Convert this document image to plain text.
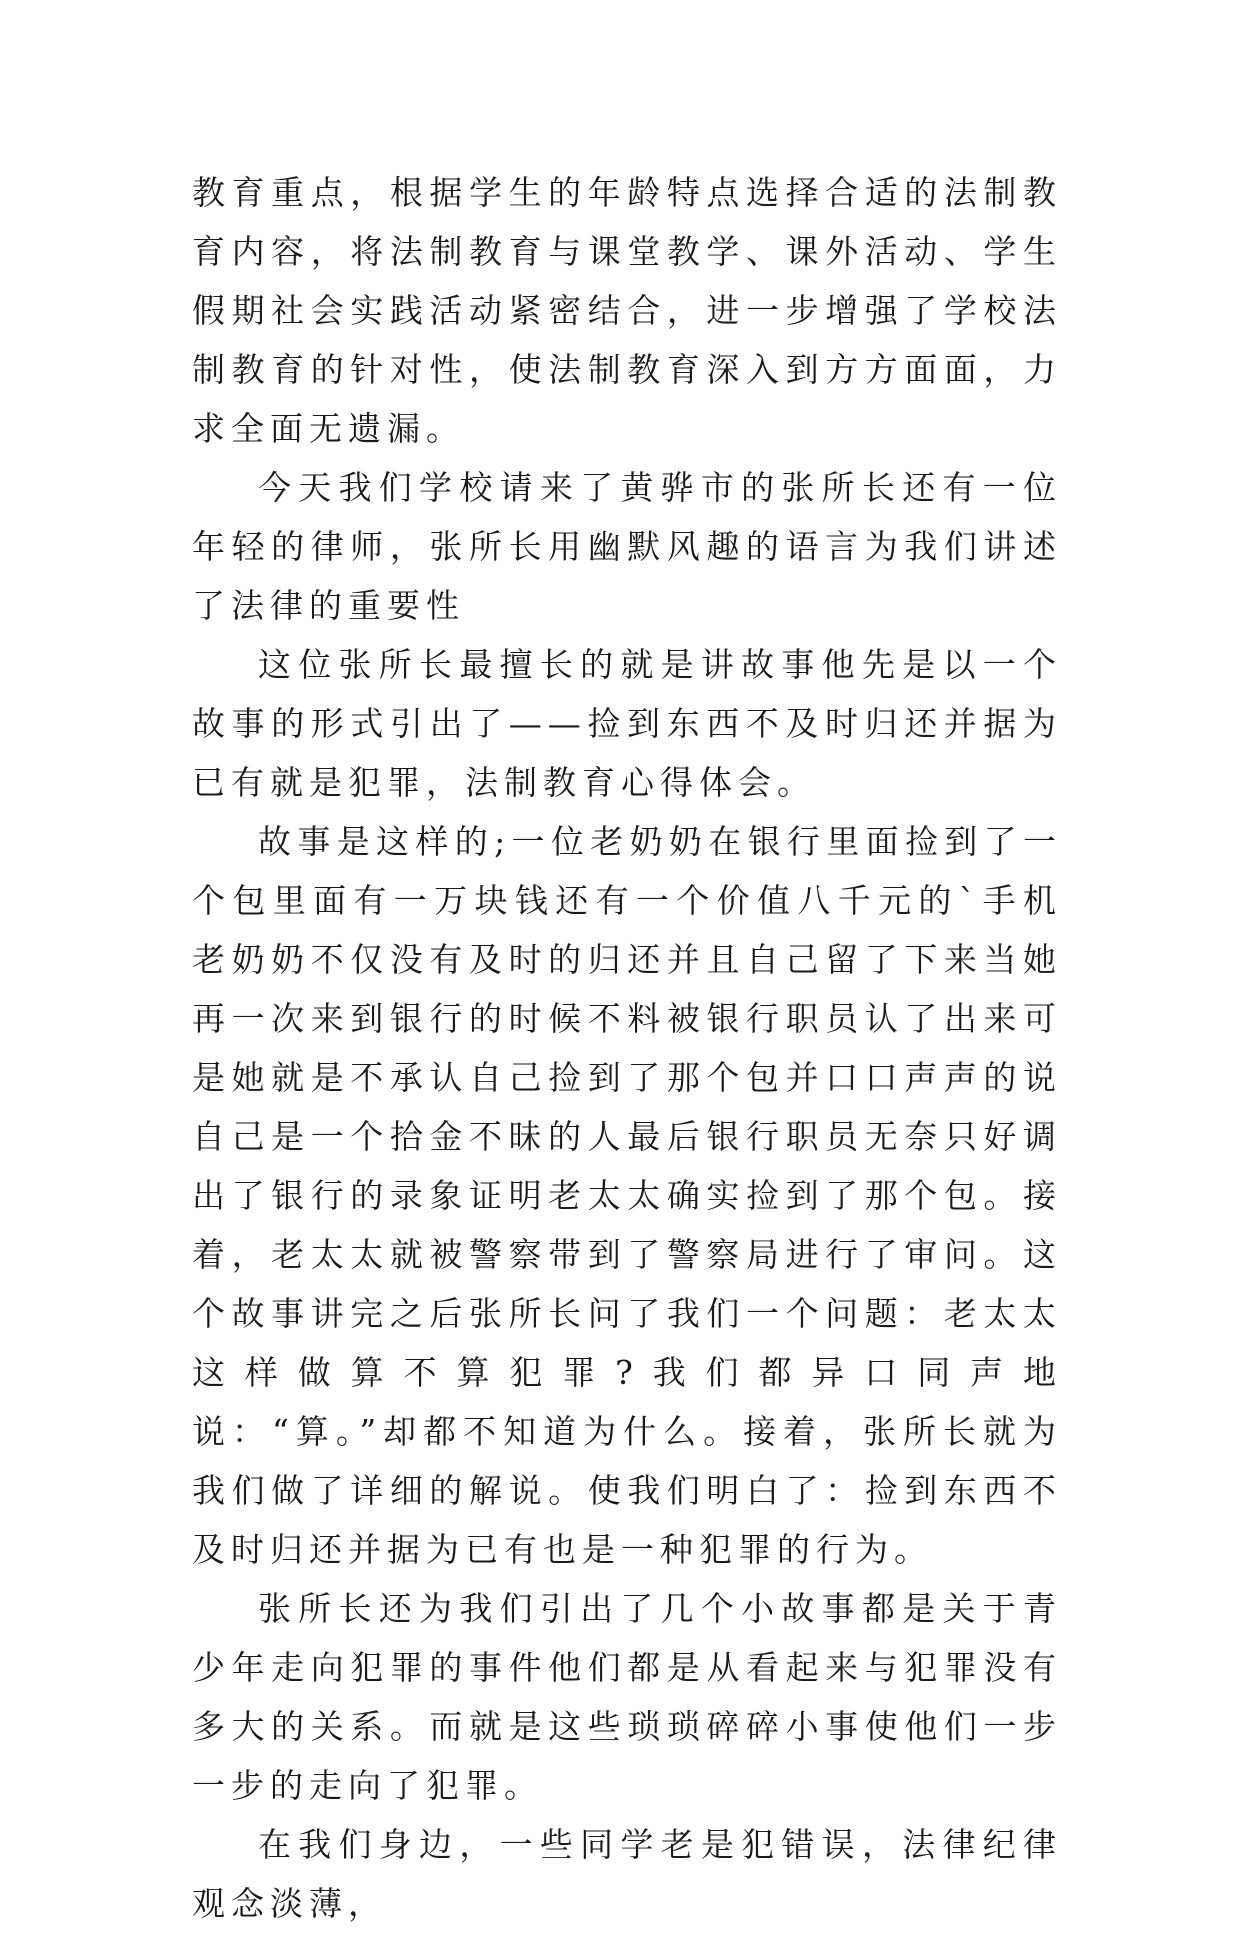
教育重点，根据学生的年龄特点选择合适的法制教育内容，将法制教育与课堂教学、课外活动、学生假期社会实践活动紧密结合，进一步增强了学校法制教育的针对性，使法制教育深入到方方面面，力求全面无遗漏。

今天我们学校请来了黄骅市的张所长还有一位年轻的律师，张所长用幽默风趣的语言为我们讲述了法律的重要性

这位张所长最擅长的就是讲故事他先是以一个故事的形式引出了——捡到东西不及时归还并据为已有就是犯罪，法制教育心得体会。

故事是这样的;一位老奶奶在银行里面捡到了一个包里面有一万块钱还有一个价值八千元的`手机老奶奶不仅没有及时的归还并且自己留了下来当她再一次来到银行的时候不料被银行职员认了出来可是她就是不承认自己捡到了那个包并口口声声的说自己是一个拾金不昧的人最后银行职员无奈只好调出了银行的录象证明老太太确实捡到了那个包。接着，老太太就被警察带到了警察局进行了审问。这个故事讲完之后张所长问了我们一个问题：老太太这样做算不算犯罪?我们都异口同声地说：“算。”却都不知道为什么。接着，张所长就为我们做了详细的解说。使我们明白了：捡到东西不及时归还并据为已有也是一种犯罪的行为。

张所长还为我们引出了几个小故事都是关于青少年走向犯罪的事件他们都是从看起来与犯罪没有多大的关系。而就是这些琐琐碎碎小事使他们一步一步的走向了犯罪。

在我们身边，一些同学老是犯错误，法律纪律观念淡薄，
